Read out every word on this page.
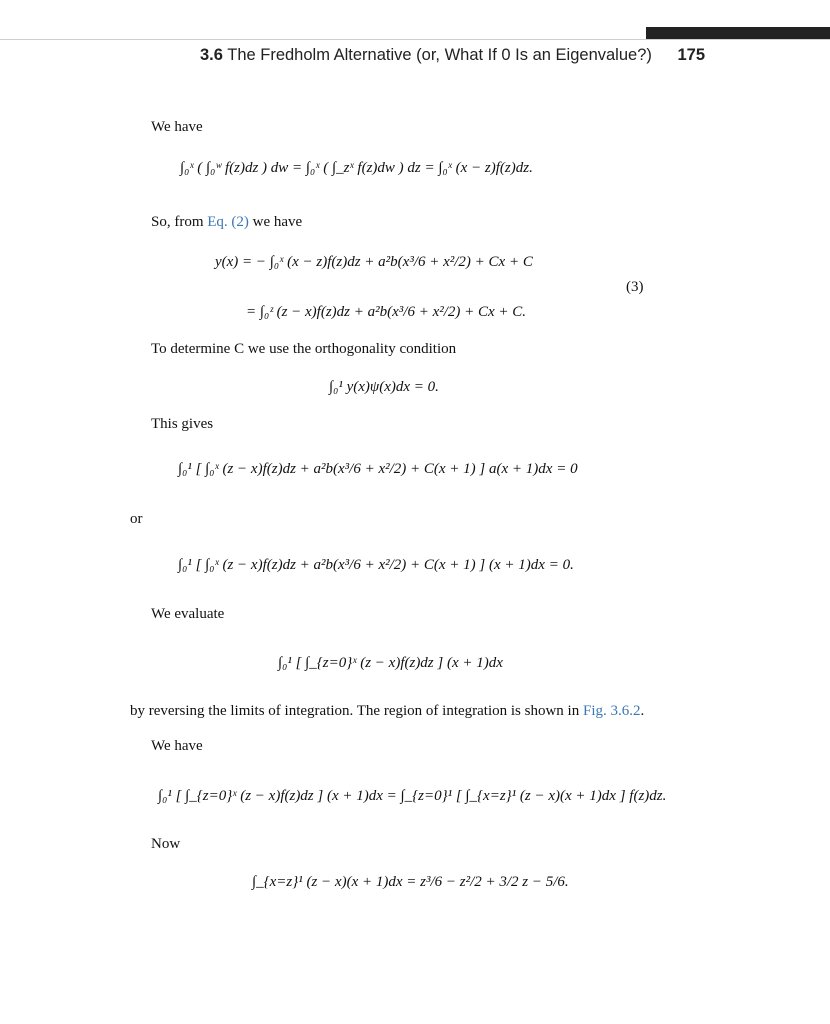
3.6 The Fredholm Alternative (or, What If 0 Is an Eigenvalue?) 175
We have
∫₀ˣ ( ∫₀ʷ f(z)dz ) dw = ∫₀ˣ ( ∫_zˣ f(z)dw ) dz = ∫₀ˣ (x − z)f(z)dz.
So, from Eq. (2) we have
y(x) = − ∫₀ˣ (x − z)f(z)dz + a²b(x³/6 + x²/2) + Cx + C
= ∫₀ᶻ (z − x)f(z)dz + a²b(x³/6 + x²/2) + Cx + C.
(3)
To determine C we use the orthogonality condition
∫₀¹ y(x)ψ(x)dx = 0.
This gives
∫₀¹ [ ∫₀ˣ (z − x)f(z)dz + a²b(x³/6 + x²/2) + C(x + 1) ] a(x + 1)dx = 0
or
∫₀¹ [ ∫₀ˣ (z − x)f(z)dz + a²b(x³/6 + x²/2) + C(x + 1) ] (x + 1)dx = 0.
We evaluate
∫₀¹ [ ∫_{z=0}ˣ (z − x)f(z)dz ] (x + 1)dx
by reversing the limits of integration. The region of integration is shown in Fig. 3.6.2.
We have
∫₀¹ [ ∫_{z=0}ˣ (z − x)f(z)dz ] (x + 1)dx = ∫_{z=0}¹ [ ∫_{x=z}¹ (z − x)(x + 1)dx ] f(z)dz.
Now
∫_{x=z}¹ (z − x)(x + 1)dx = z³/6 − z²/2 + 3/2 z − 5/6.
